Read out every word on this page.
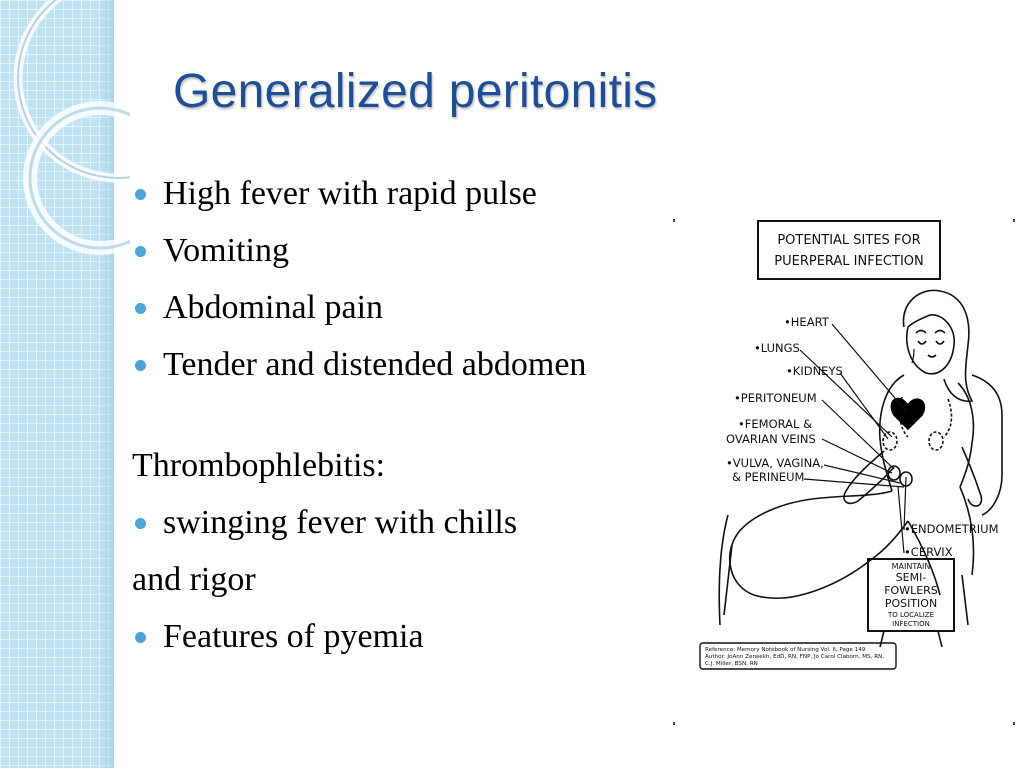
Generalized peritonitis
High fever with rapid pulse
Vomiting
Abdominal pain
Tender and distended abdomen
Thrombophlebitis:
swinging fever with chills
and rigor
Features of pyemia
POTENTIAL SITES FOR
PUERPERAL INFECTION
•HEART
•LUNGS
•KIDNEYS
•PERITONEUM
•FEMORAL &
OVARIAN VEINS
•VULVA, VAGINA,
& PERINEUM
•ENDOMETRIUM
•CERVIX
MAINTAIN
SEMI-
FOWLERS
POSITION
TO LOCALIZE
INFECTION
Reference: Memory Notebook of Nursing Vol. II, Page 149
Author: JoAnn Zerwekh, EdD, RN, FNP, Jo Carol Claborn, MS, RN,
C.J. Miller, BSN, RN
